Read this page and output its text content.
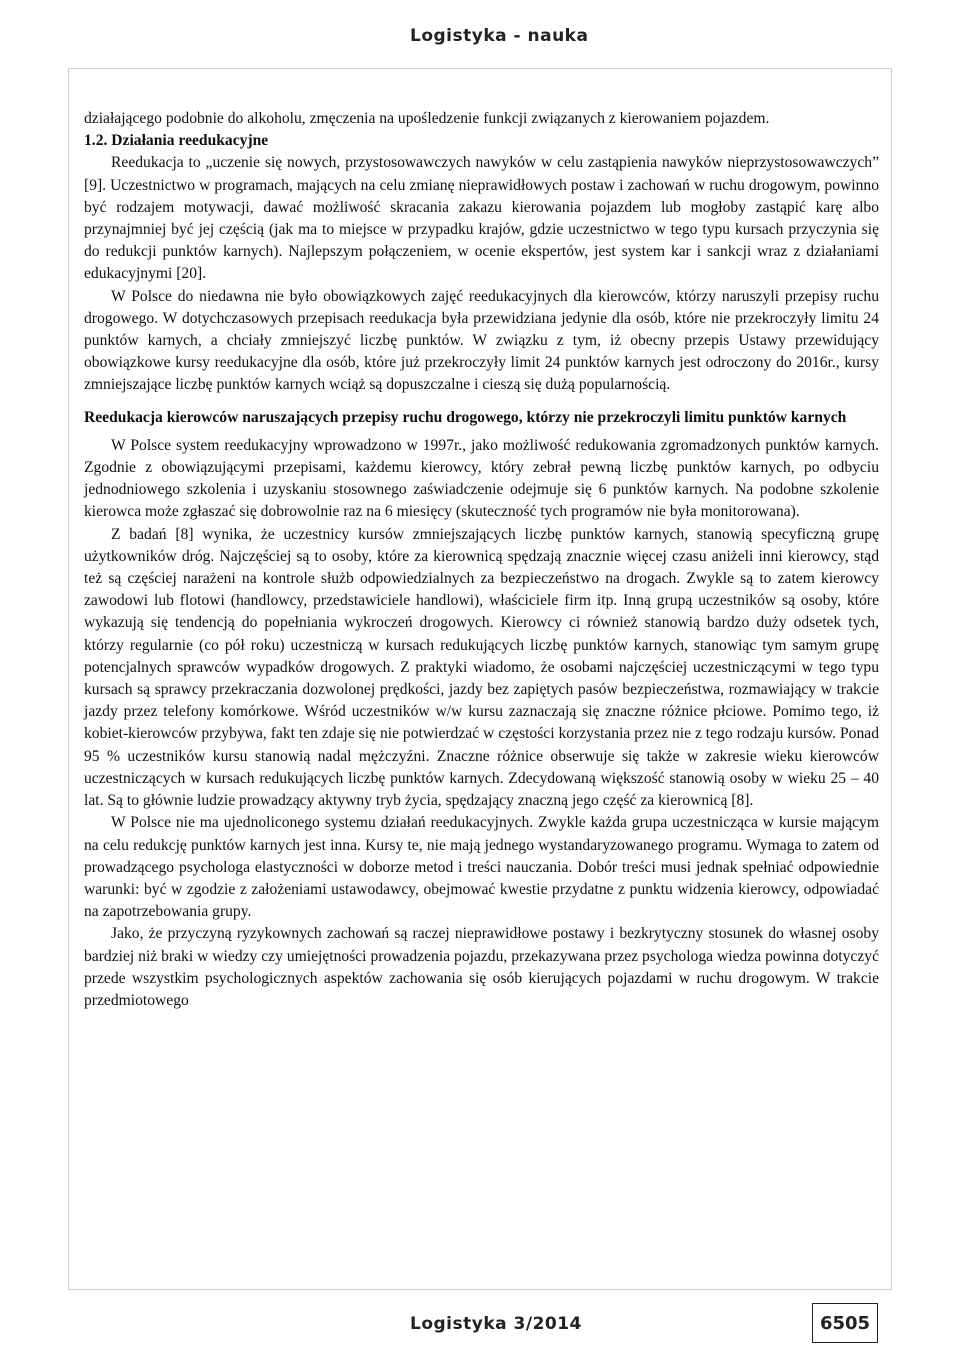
Logistyka - nauka

działającego podobnie do alkoholu, zmęczenia na upośledzenie funkcji związanych z kierowaniem pojazdem.

1.2. Działania reedukacyjne

Reedukacja to „uczenie się nowych, przystosowawczych nawyków w celu zastąpienia nawyków nieprzystosowawczych” [9]. Uczestnictwo w programach, mających na celu zmianę nieprawidłowych postaw i zachowań w ruchu drogowym, powinno być rodzajem motywacji, dawać możliwość skracania zakazu kierowania pojazdem lub mogłoby zastąpić karę albo przynajmniej być jej częścią (jak ma to miejsce w przypadku krajów, gdzie uczestnictwo w tego typu kursach przyczynia się do redukcji punktów karnych). Najlepszym połączeniem, w ocenie ekspertów, jest system kar i sankcji wraz z działaniami edukacyjnymi [20].

W Polsce do niedawna nie było obowiązkowych zajęć reedukacyjnych dla kierowców, którzy naruszyli przepisy ruchu drogowego. W dotychczasowych przepisach reedukacja była przewidziana jedynie dla osób, które nie przekroczyły limitu 24 punktów karnych, a chciały zmniejszyć liczbę punktów. W związku z tym, iż obecny przepis Ustawy przewidujący obowiązkowe kursy reedukacyjne dla osób, które już przekroczyły limit 24 punktów karnych jest odroczony do 2016r., kursy zmniejszające liczbę punktów karnych wciąż są dopuszczalne i cieszą się dużą popularnością.

Reedukacja kierowców naruszających przepisy ruchu drogowego, którzy nie przekroczyli limitu punktów karnych

W Polsce system reedukacyjny wprowadzono w 1997r., jako możliwość redukowania zgromadzonych punktów karnych. Zgodnie z obowiązującymi przepisami, każdemu kierowcy, który zebrał pewną liczbę punktów karnych, po odbyciu jednodniowego szkolenia i uzyskaniu stosownego zaświadczenie odejmuje się 6 punktów karnych. Na podobne szkolenie kierowca może zgłaszać się dobrowolnie raz na 6 miesięcy (skuteczność tych programów nie była monitorowana).

Z badań [8] wynika, że uczestnicy kursów zmniejszających liczbę punktów karnych, stanowią specyficzną grupę użytkowników dróg. Najczęściej są to osoby, które za kierownicą spędzają znacznie więcej czasu aniżeli inni kierowcy, stąd też są częściej narażeni na kontrole służb odpowiedzialnych za bezpieczeństwo na drogach. Zwykle są to zatem kierowcy zawodowi lub flotowi (handlowcy, przedstawiciele handlowi), właściciele firm itp. Inną grupą uczestników są osoby, które wykazują się tendencją do popełniania wykroczeń drogowych. Kierowcy ci również stanowią bardzo duży odsetek tych, którzy regularnie (co pół roku) uczestniczą w kursach redukujących liczbę punktów karnych, stanowiąc tym samym grupę potencjalnych sprawców wypadków drogowych. Z praktyki wiadomo, że osobami najczęściej uczestniczącymi w tego typu kursach są sprawcy przekraczania dozwolonej prędkości, jazdy bez zapiętych pasów bezpieczeństwa, rozmawiający w trakcie jazdy przez telefony komórkowe. Wśród uczestników w/w kursu zaznaczają się znaczne różnice płciowe. Pomimo tego, iż kobiet-kierowców przybywa, fakt ten zdaje się nie potwierdzać w częstości korzystania przez nie z tego rodzaju kursów. Ponad 95 % uczestników kursu stanowią nadal mężczyźni. Znaczne różnice obserwuje się także w zakresie wieku kierowców uczestniczących w kursach redukujących liczbę punktów karnych. Zdecydowaną większość stanowią osoby w wieku 25 – 40 lat. Są to głównie ludzie prowadzący aktywny tryb życia, spędzający znaczną jego część za kierownicą [8].

W Polsce nie ma ujednoliconego systemu działań reedukacyjnych. Zwykle każda grupa uczestnicząca w kursie mającym na celu redukcję punktów karnych jest inna. Kursy te, nie mają jednego wystandaryzowanego programu. Wymaga to zatem od prowadzącego psychologa elastyczności w doborze metod i treści nauczania. Dobór treści musi jednak spełniać odpowiednie warunki: być w zgodzie z założeniami ustawodawcy, obejmować kwestie przydatne z punktu widzenia kierowcy, odpowiadać na zapotrzebowania grupy.

Jako, że przyczyną ryzykownych zachowań są raczej nieprawidłowe postawy i bezkrytyczny stosunek do własnej osoby bardziej niż braki w wiedzy czy umiejętności prowadzenia pojazdu, przekazywana przez psychologa wiedza powinna dotyczyć przede wszystkim psychologicznych aspektów zachowania się osób kierujących pojazdami w ruchu drogowym. W trakcie przedmiotowego

Logistyka 3/2014	6505
